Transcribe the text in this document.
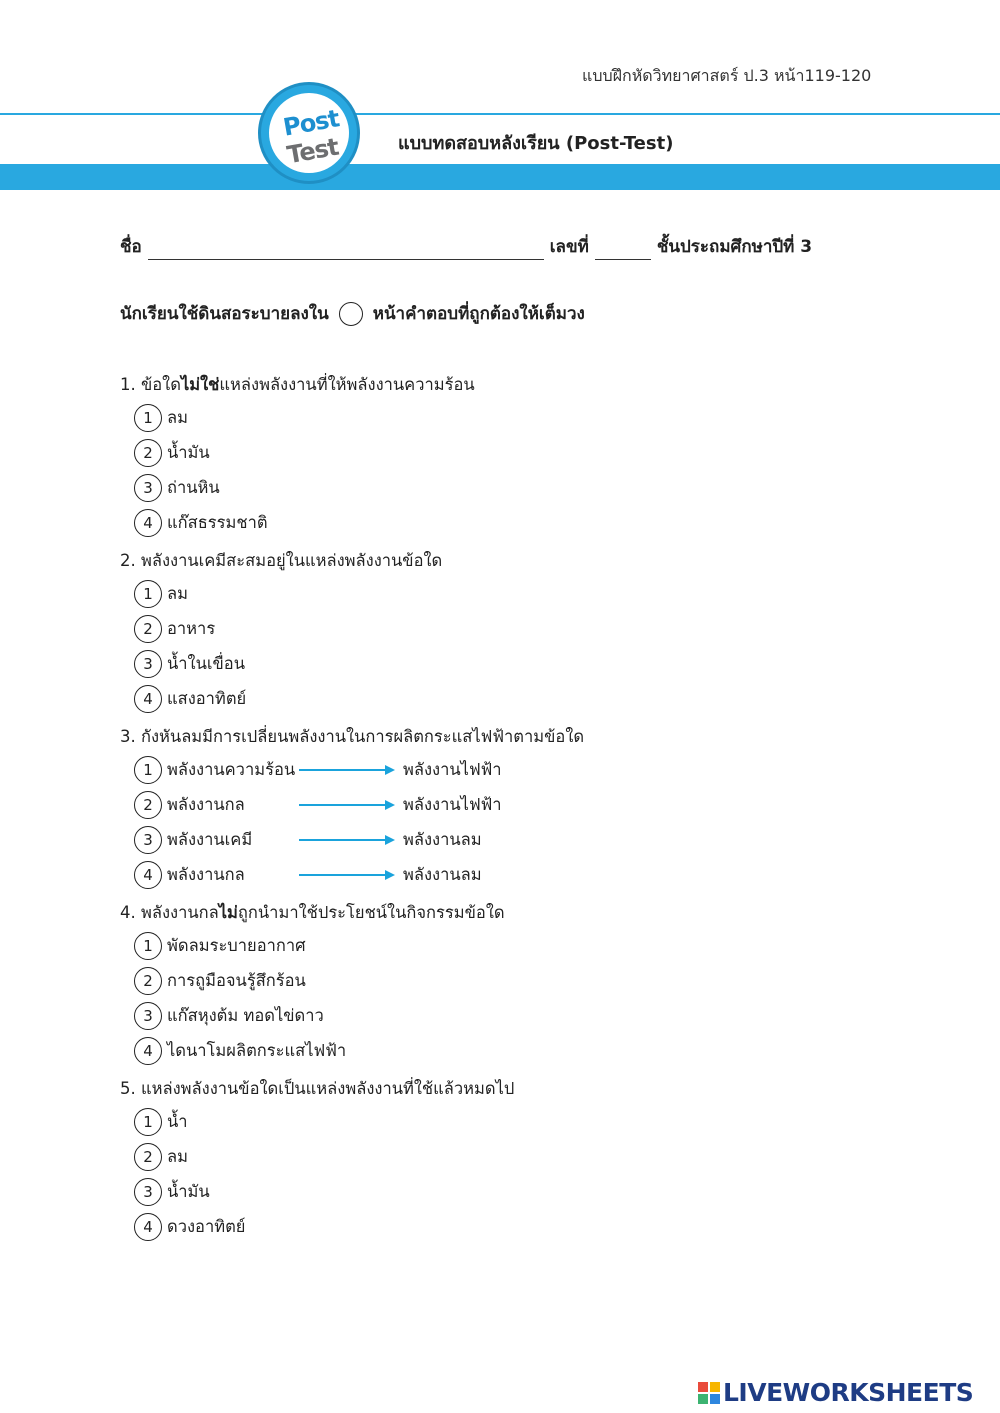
แบบฝึกหัดวิทยาศาสตร์ ป.3 หน้า119-120
Post
Test	แบบทดสอบหลังเรียน (Post-Test)
ชื่อ	เลขที่	ชั้นประถมศึกษาปีที่ 3
นักเรียนใช้ดินสอระบายลงใน	หน้าคำตอบที่ถูกต้องให้เต็มวง
1. ข้อใดไม่ใช่แหล่งพลังงานที่ให้พลังงานความร้อน
1 ลม
2 น้ำมัน
3 ถ่านหิน
4 แก๊สธรรมชาติ
2. พลังงานเคมีสะสมอยู่ในแหล่งพลังงานข้อใด
1 ลม
2 อาหาร
3 น้ำในเขื่อน
4 แสงอาทิตย์
3. กังหันลมมีการเปลี่ยนพลังงานในการผลิตกระแสไฟฟ้าตามข้อใด
1 พลังงานความร้อน	พลังงานไฟฟ้า
2 พลังงานกล	พลังงานไฟฟ้า
3 พลังงานเคมี	พลังงานลม
4 พลังงานกล	พลังงานลม
4. พลังงานกลไม่ถูกนำมาใช้ประโยชน์ในกิจกรรมข้อใด
1 พัดลมระบายอากาศ
2 การถูมือจนรู้สึกร้อน
3 แก๊สหุงต้ม ทอดไข่ดาว
4 ไดนาโมผลิตกระแสไฟฟ้า
5. แหล่งพลังงานข้อใดเป็นแหล่งพลังงานที่ใช้แล้วหมดไป
1 น้ำ
2 ลม
3 น้ำมัน
4 ดวงอาทิตย์
LIVEWORKSHEETS
